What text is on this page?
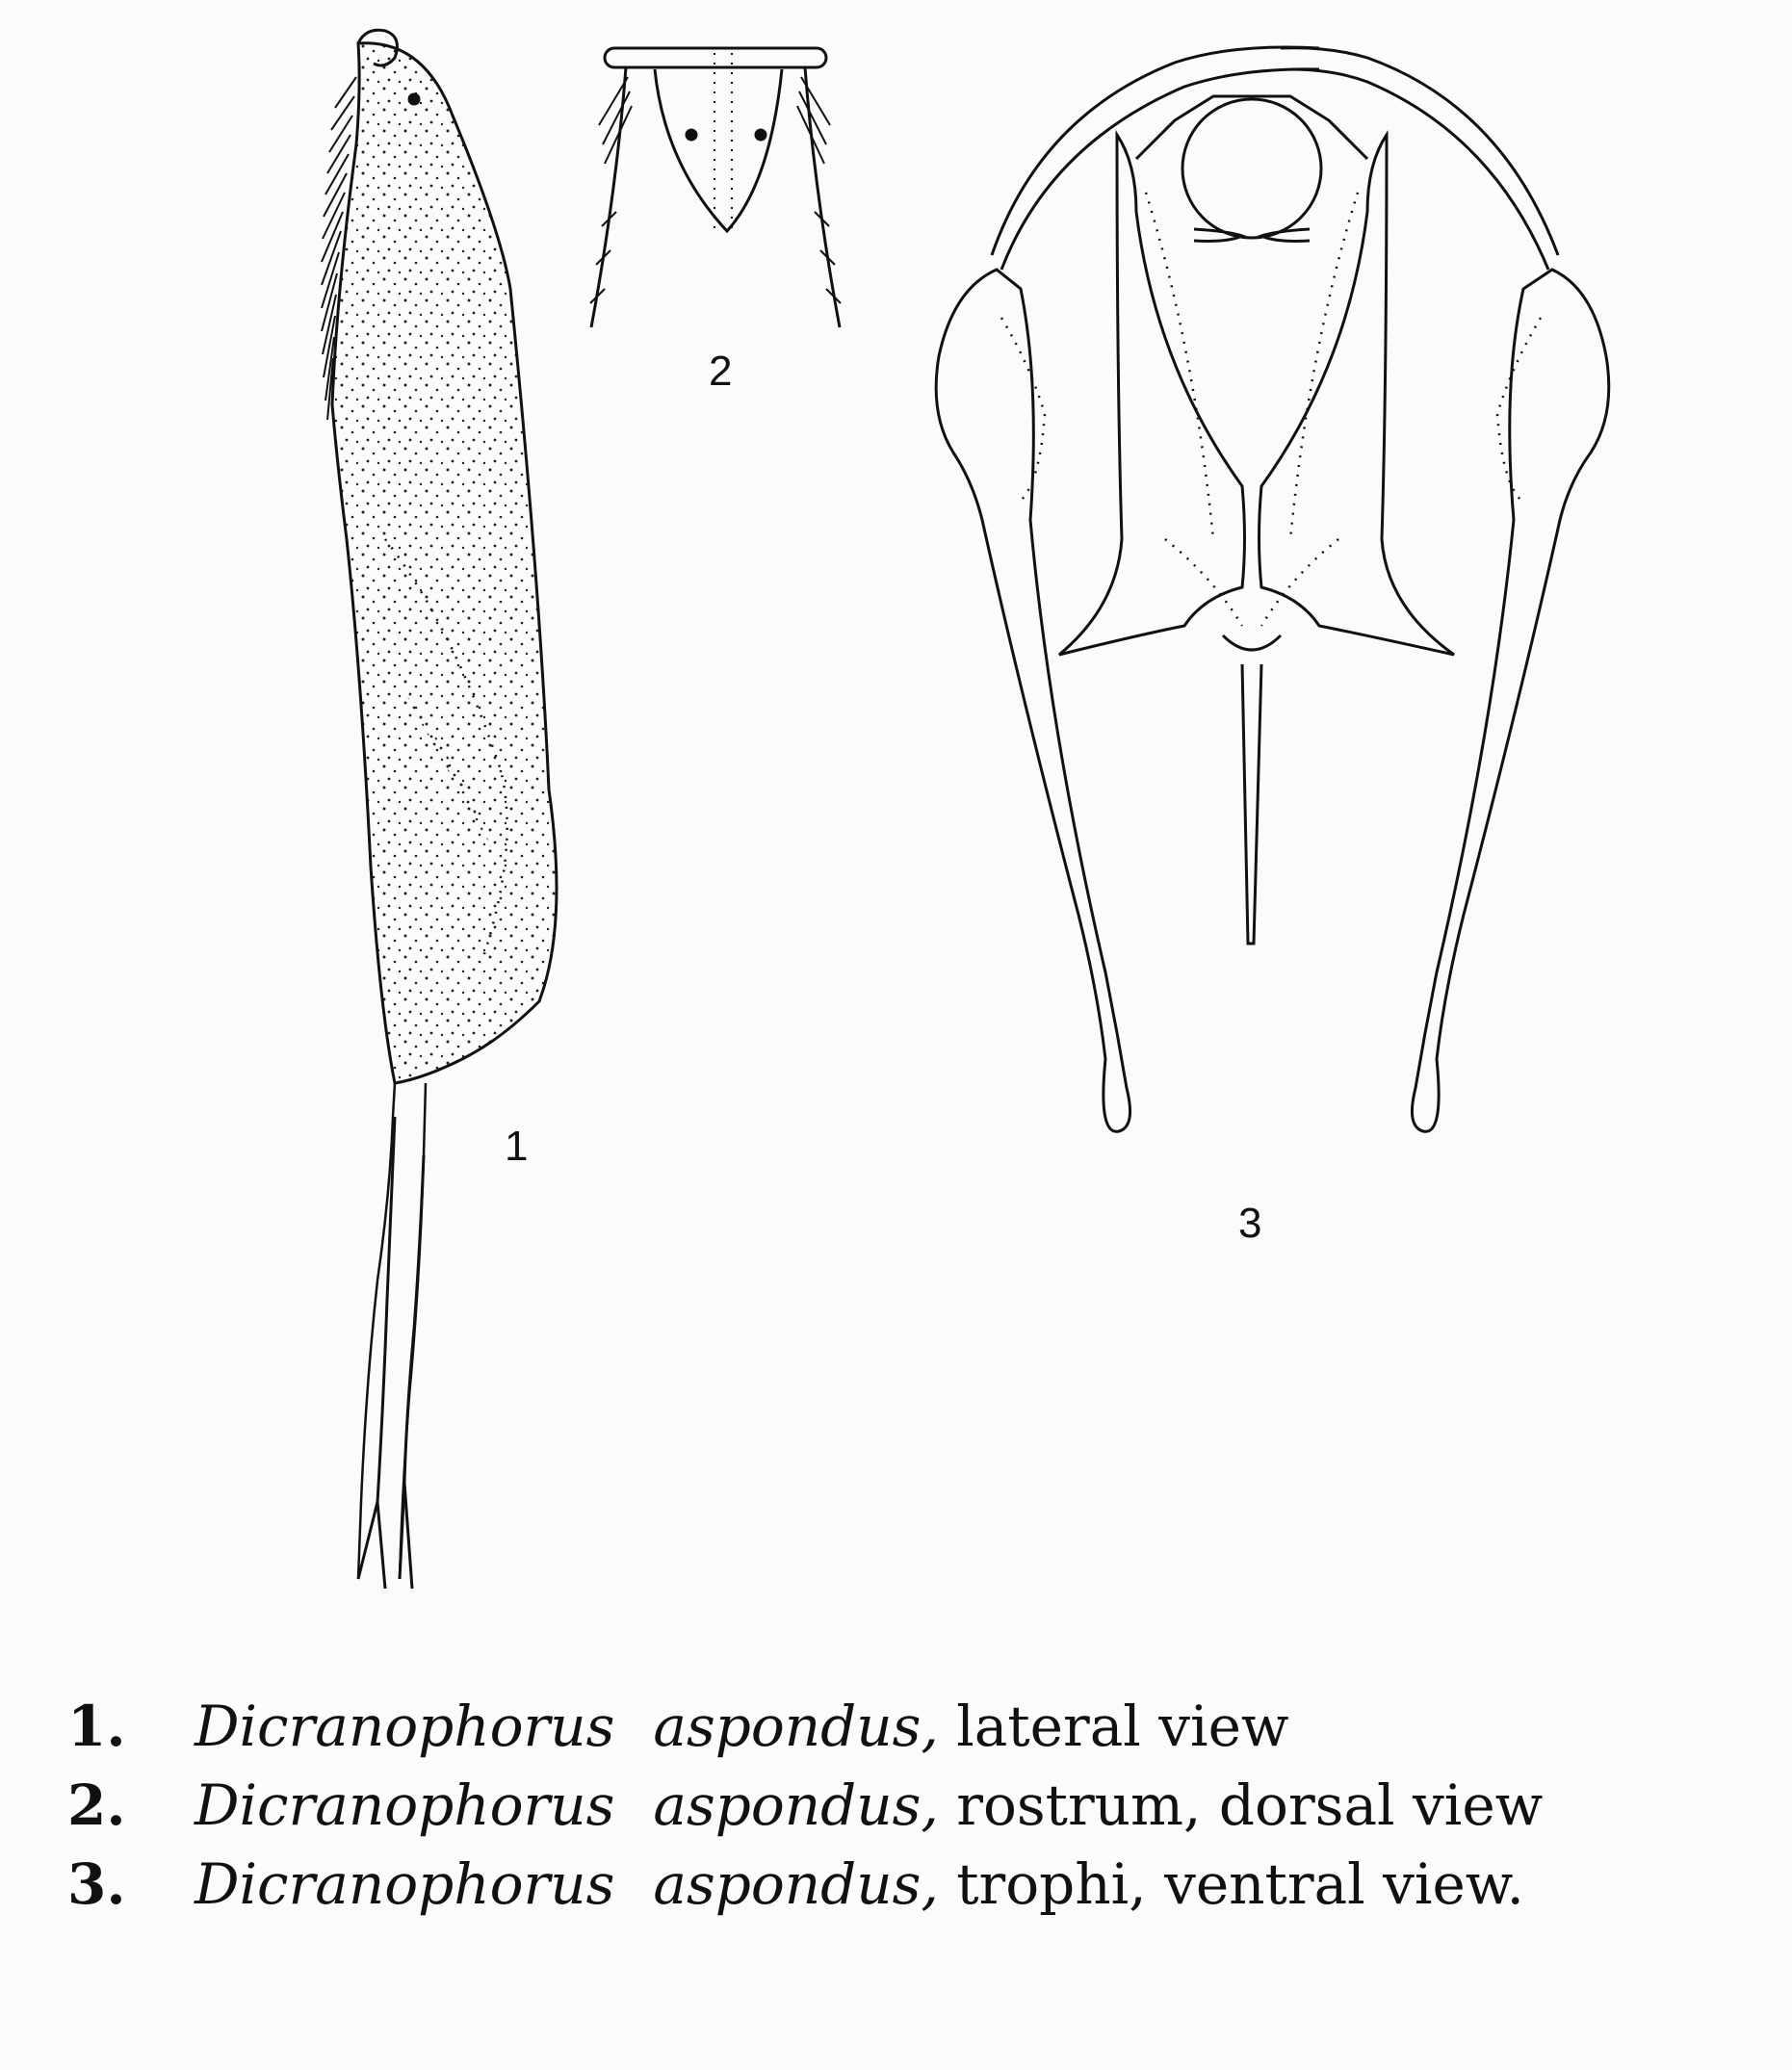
1
2
3
1. Dicranophorus aspondus, lateral view
2. Dicranophorus aspondus, rostrum, dorsal view
3. Dicranophorus aspondus, trophi, ventral view.
